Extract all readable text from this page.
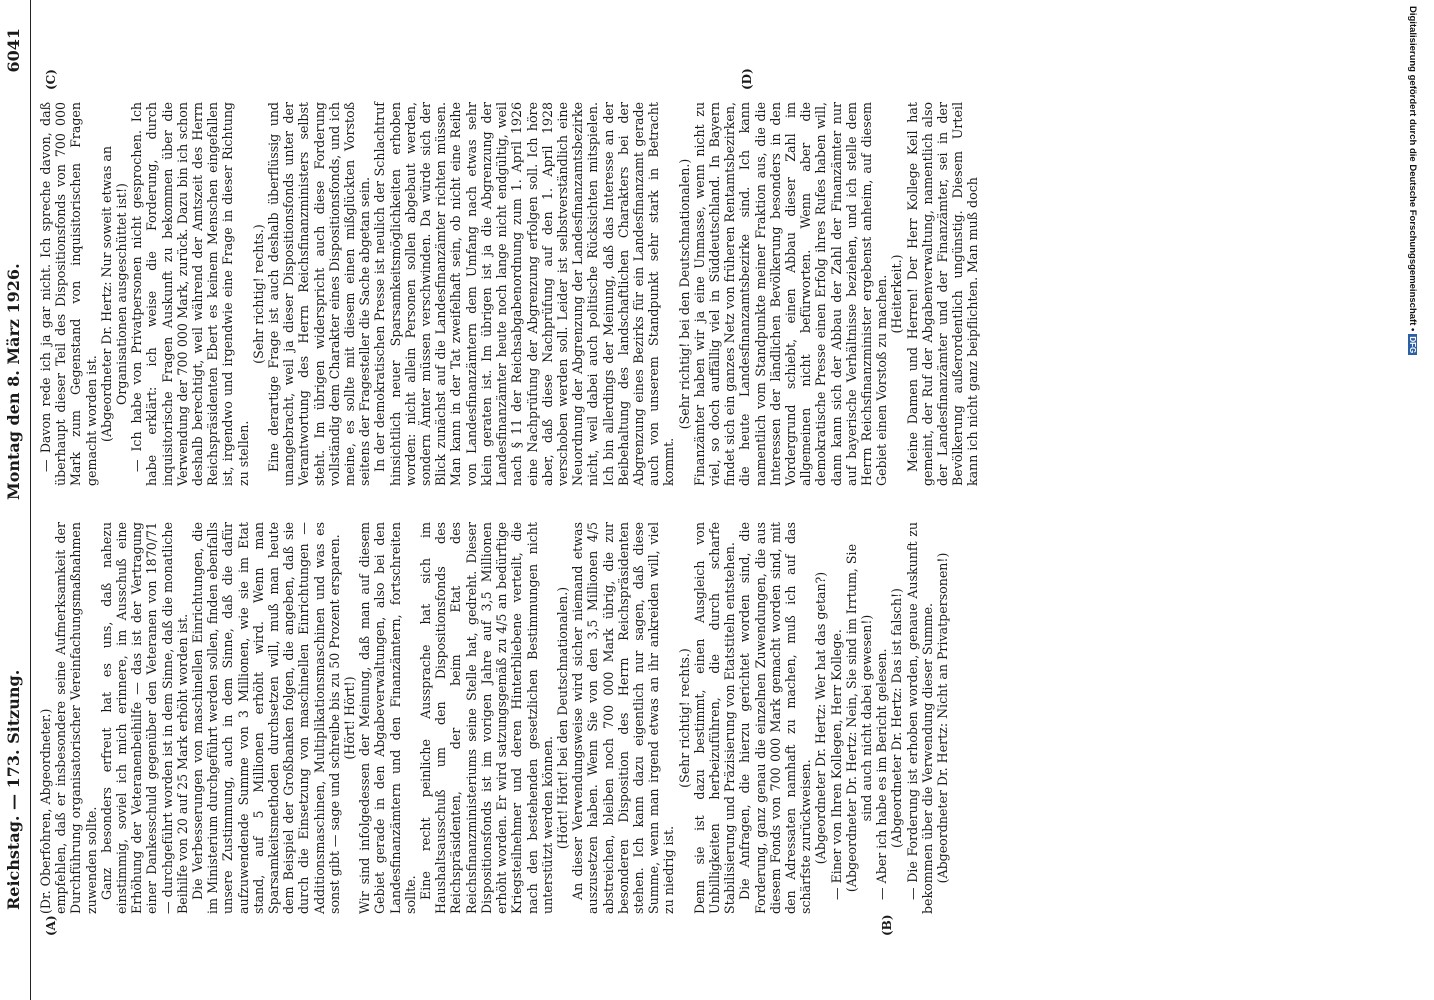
Reichstag. — 173. Sitzung.
Montag den 8. März 1926.
6041
(A)	(B)
(C)	(D)

(Dr. Oberfohren, Abgeordneter.) empfehlen, daß er insbesondere seine Aufmerksamkeit der Durchführung organisatorischer Vereinfachungsmaßnahmen zuwenden sollte. Ganz besonders erfreut hat es uns, daß nahezu einstimmig, soviel ich mich erinnere, im Ausschuß eine Erhöhung der Veteranenbeihilfe — das ist der Vertragung einer Dankesschuld gegenüber den Veteranen von 1870/71 — durchgeführt worden ist in dem Sinne, daß die monatliche Beihilfe von 20 auf 25 Mark erhöht worden ist. Die Verbesserungen von maschinellen Einrichtungen, die im Ministerium durchgeführt werden sollen, finden ebenfalls unsere Zustimmung, auch in dem Sinne, daß die dafür aufzuwendende Summe von 3 Millionen, wie sie im Etat stand, auf 5 Millionen erhöht wird. Wenn man Sparsamkeitsmethoden durchsetzen will, muß man heute dem Beispiel der Großbanken folgen, die angeben, daß sie durch die Einsetzung von maschinellen Einrichtungen — Additionsmaschinen, Multiplikationsmaschinen und was es sonst gibt — sage und schreibe bis zu 50 Prozent ersparen. (Hört! Hört!) Wir sind infolgedessen der Meinung, daß man auf diesem Gebiet gerade in den Abgabeverwaltungen, also bei den Landesfinanzämtern und den Finanzämtern, fortschreiten sollte. Eine recht peinliche Aussprache hat sich im Haushaltsausschuß um den Dispositionsfonds des Reichspräsidenten, der beim Etat des Reichsfinanzministeriums seine Stelle hat, gedreht. Dieser Dispositionsfonds ist im vorigen Jahre auf 3,5 Millionen erhöht worden. Er wird satzungsgemäß zu 4/5 an bedürftige Kriegsteilnehmer und deren Hinterbliebene verteilt, die nach den bestehenden gesetzlichen Bestimmungen nicht unterstützt werden können. (Hört! Hört! bei den Deutschnationalen.) An dieser Verwendungsweise wird sicher niemand etwas auszusetzen haben. Wenn Sie von den 3,5 Millionen 4/5 abstreichen, bleiben noch 700 000 Mark übrig, die zur besonderen Disposition des Herrn Reichspräsidenten stehen. Ich kann dazu eigentlich nur sagen, daß diese Summe, wenn man irgend etwas an ihr ankreiden will, viel zu niedrig ist.

(Sehr richtig! rechts.) Denn sie ist dazu bestimmt, einen Ausgleich von Unbilligkeiten herbeizuführen, die durch scharfe Stabilisierung und Präzisierung von Etatstiteln entstehen. Die Anfragen, die hierzu gerichtet worden sind, die Forderung, ganz genau die einzelnen Zuwendungen, die aus diesem Fonds von 700 000 Mark gemacht worden sind, mit den Adressaten namhaft zu machen, muß ich auf das schärfste zurückweisen. (Abgeordneter Dr. Hertz: Wer hat das getan?) — Einer von Ihren Kollegen, Herr Kollege. (Abgeordneter Dr. Hertz: Nein, Sie sind im Irrtum, Sie sind auch nicht dabei gewesen!) — Aber ich habe es im Bericht gelesen. (Abgeordneter Dr. Hertz: Das ist falsch!) — Die Forderung ist erhoben worden, genaue Auskunft zu bekommen über die Verwendung dieser Summe. (Abgeordneter Dr. Hertz: Nicht an Privatpersonen!)

— Davon rede ich ja gar nicht. Ich spreche davon, daß überhaupt dieser Teil des Dispositionsfonds von 700 000 Mark zum Gegenstand von inquisitorischen Fragen gemacht worden ist. (Abgeordneter Dr. Hertz: Nur soweit etwas an Organisationen ausgeschüttet ist!) — Ich habe von Privatpersonen nicht gesprochen. Ich habe erklärt: ich weise die Forderung, durch inquisitorische Fragen Auskunft zu bekommen über die Verwendung der 700 000 Mark, zurück. Dazu bin ich schon deshalb berechtigt, weil während der Amtszeit des Herrn Reichspräsidenten Ebert es keinem Menschen eingefallen ist, irgendwo und irgendwie eine Frage in dieser Richtung zu stellen.

(Sehr richtig! rechts.) Eine derartige Frage ist auch deshalb überflüssig und unangebracht, weil ja dieser Dispositionsfonds unter der Verantwortung des Herrn Reichsfinanzministers selbst steht. Im übrigen widerspricht auch diese Forderung vollständig dem Charakter eines Dispositionsfonds, und ich meine, es sollte mit diesem einen mißglückten Vorstoß seitens der Fragesteller die Sache abgetan sein. In der demokratischen Presse ist neulich der Schlachtruf hinsichtlich neuer Sparsamkeitsmöglichkeiten erhoben worden: nicht allein Personen sollen abgebaut werden, sondern Ämter müssen verschwinden. Da würde sich der Blick zunächst auf die Landesfinanzämter richten müssen. Man kann in der Tat zweifelhaft sein, ob nicht eine Reihe von Landesfinanzämtern dem Umfang nach etwas sehr klein geraten ist. Im übrigen ist ja die Abgrenzung der Landesfinanzämter heute noch lange nicht endgültig, weil nach § 11 der Reichsabgabenordnung zum 1. April 1926 eine Nachprüfung der Abgrenzung erfolgen soll. Ich höre aber, daß diese Nachprüfung auf den 1. April 1928 verschoben werden soll. Leider ist selbstverständlich eine Neuordnung der Abgrenzung der Landesfinanzamtsbezirke nicht, weil dabei auch politische Rücksichten mitspielen. Ich bin allerdings der Meinung, daß das Interesse an der Beibehaltung des landschaftlichen Charakters bei der Abgrenzung eines Bezirks für ein Landesfinanzamt gerade auch von unserem Standpunkt sehr stark in Betracht kommt.

(Sehr richtig! bei den Deutschnationalen.) Finanzämter haben wir ja eine Unmasse, wenn nicht zu viel, so doch auffällig viel in Süddeutschland. In Bayern findet sich ein ganzes Netz von früheren Rentamtsbezirken, die heute Landesfinanzamtsbezirke sind. Ich kann namentlich vom Standpunkte meiner Fraktion aus, die die Interessen der ländlichen Bevölkerung besonders in den Vordergrund schiebt, einen Abbau dieser Zahl im allgemeinen nicht befürworten. Wenn aber die demokratische Presse einen Erfolg ihres Rufes haben will, dann kann sich der Abbau der Zahl der Finanzämter nur auf bayerische Verhältnisse beziehen, und ich stelle dem Herrn Reichsfinanzminister ergebenst anheim, auf diesem Gebiet einen Vorstoß zu machen. (Heiterkeit.) Meine Damen und Herren! Der Herr Kollege Keil hat gemeint, der Ruf der Abgabenverwaltung, namentlich also der Landesfinanzämter und der Finanzämter, sei in der Bevölkerung außerordentlich ungünstig. Diesem Urteil kann ich nicht ganz beipflichten. Man muß doch

Digitalisierung gefördert durch die Deutsche Forschungsgemeinschaft •DFG
